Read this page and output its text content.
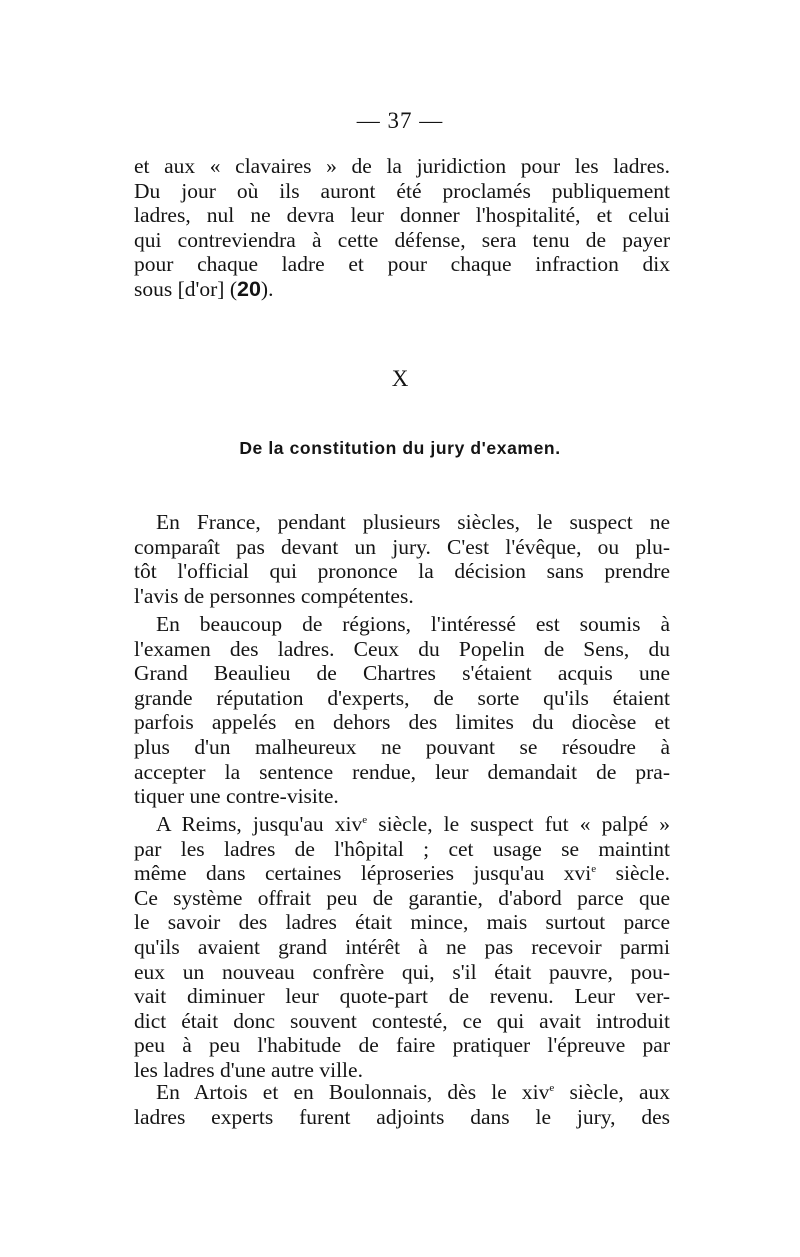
— 37 —
et aux « clavaires » de la juridiction pour les ladres.
Du jour où ils auront été proclamés publiquement
ladres, nul ne devra leur donner l'hospitalité, et celui
qui contreviendra à cette défense, sera tenu de payer
pour chaque ladre et pour chaque infraction dix
sous [d'or] (20).
X
De la constitution du jury d'examen.
En France, pendant plusieurs siècles, le suspect ne
comparaît pas devant un jury. C'est l'évêque, ou plu-
tôt l'official qui prononce la décision sans prendre
l'avis de personnes compétentes.
En beaucoup de régions, l'intéressé est soumis à
l'examen des ladres. Ceux du Popelin de Sens, du
Grand Beaulieu de Chartres s'étaient acquis une
grande réputation d'experts, de sorte qu'ils étaient
parfois appelés en dehors des limites du diocèse et
plus d'un malheureux ne pouvant se résoudre à
accepter la sentence rendue, leur demandait de pra-
tiquer une contre-visite.
A Reims, jusqu'au xiv$^e$ siècle, le suspect fut « palpé »
par les ladres de l'hôpital ; cet usage se maintint
même dans certaines léproseries jusqu'au xvi$^e$ siècle.
Ce système offrait peu de garantie, d'abord parce que
le savoir des ladres était mince, mais surtout parce
qu'ils avaient grand intérêt à ne pas recevoir parmi
eux un nouveau confrère qui, s'il était pauvre, pou-
vait diminuer leur quote-part de revenu. Leur ver-
dict était donc souvent contesté, ce qui avait introduit
peu à peu l'habitude de faire pratiquer l'épreuve par
les ladres d'une autre ville.
En Artois et en Boulonnais, dès le xiv$^e$ siècle, aux
ladres experts furent adjoints dans le jury, des
